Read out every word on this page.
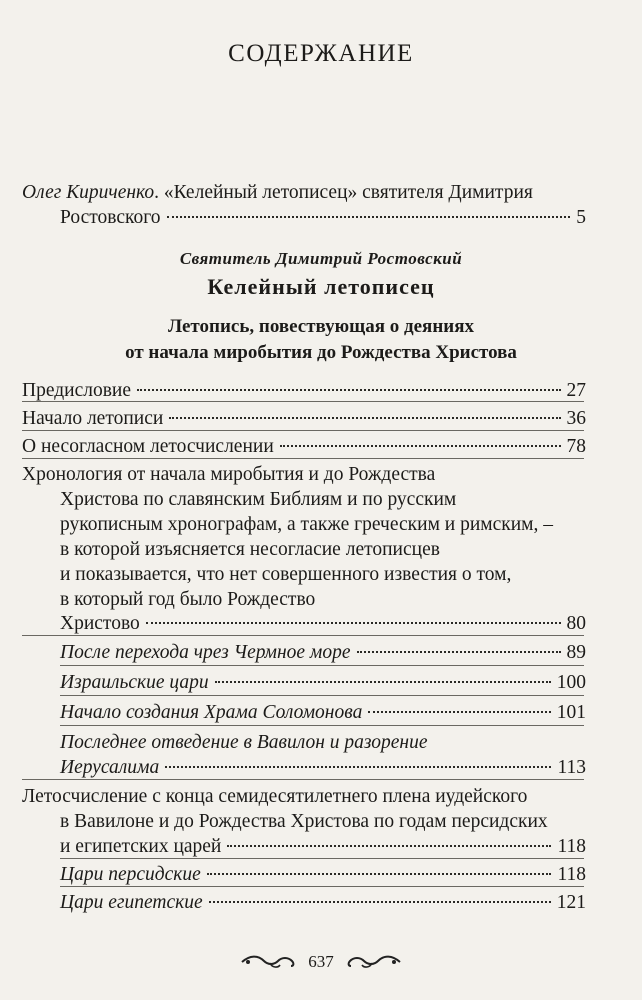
СОДЕРЖАНИЕ
Олег Кириченко. «Келейный летописец» святителя Димитрия
Ростовского	5
Святитель Димитрий Ростовский
Келейный летописец
Летопись, повествующая о деяниях
от начала миробытия до Рождества Христова
Предисловие	27
Начало летописи	36
О несогласном летосчислении	78
Хронология от начала миробытия и до Рождества
Христова по славянским Библиям и по русским
рукописным хронографам, а также греческим и римским, –
в которой изъясняется несогласие летописцев
и показывается, что нет совершенного известия о том,
в который год было Рождество
Христово	80
После перехода чрез Чермное море	89
Израильские цари	100
Начало создания Храма Соломонова	101
Последнее отведение в Вавилон и разорение
Иерусалима	113
Летосчисление с конца семидесятилетнего плена иудейского
в Вавилоне и до Рождества Христова по годам персидских
и египетских царей	118
Цари персидские	118
Цари египетские	121
637
